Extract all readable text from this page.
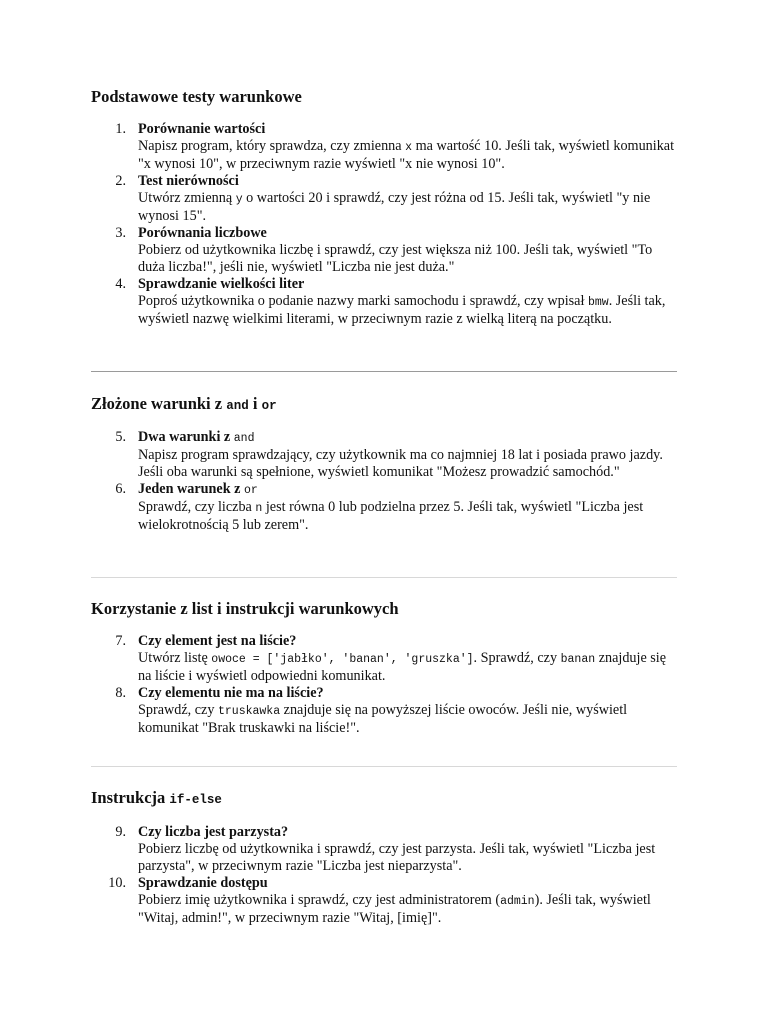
Podstawowe testy warunkowe
1. Porównanie wartości
Napisz program, który sprawdza, czy zmienna x ma wartość 10. Jeśli tak, wyświetl komunikat "x wynosi 10", w przeciwnym razie wyświetl "x nie wynosi 10".
2. Test nierówności
Utwórz zmienną y o wartości 20 i sprawdź, czy jest różna od 15. Jeśli tak, wyświetl "y nie wynosi 15".
3. Porównania liczbowe
Pobierz od użytkownika liczbę i sprawdź, czy jest większa niż 100. Jeśli tak, wyświetl "To duża liczba!", jeśli nie, wyświetl "Liczba nie jest duża."
4. Sprawdzanie wielkości liter
Poproś użytkownika o podanie nazwy marki samochodu i sprawdź, czy wpisał bmw. Jeśli tak, wyświetl nazwę wielkimi literami, w przeciwnym razie z wielką literą na początku.
Złożone warunki z and i or
5. Dwa warunki z and
Napisz program sprawdzający, czy użytkownik ma co najmniej 18 lat i posiada prawo jazdy. Jeśli oba warunki są spełnione, wyświetl komunikat "Możesz prowadzić samochód."
6. Jeden warunek z or
Sprawdź, czy liczba n jest równa 0 lub podzielna przez 5. Jeśli tak, wyświetl "Liczba jest wielokrotnością 5 lub zerem".
Korzystanie z list i instrukcji warunkowych
7. Czy element jest na liście?
Utwórz listę owoce = ['jabłko', 'banan', 'gruszka']. Sprawdź, czy banan znajduje się na liście i wyświetl odpowiedni komunikat.
8. Czy elementu nie ma na liście?
Sprawdź, czy truskawka znajduje się na powyższej liście owoców. Jeśli nie, wyświetl komunikat "Brak truskawki na liście!".
Instrukcja if-else
9. Czy liczba jest parzysta?
Pobierz liczbę od użytkownika i sprawdź, czy jest parzysta. Jeśli tak, wyświetl "Liczba jest parzysta", w przeciwnym razie "Liczba jest nieparzysta".
10. Sprawdzanie dostępu
Pobierz imię użytkownika i sprawdź, czy jest administratorem (admin). Jeśli tak, wyświetl "Witaj, admin!", w przeciwnym razie "Witaj, [imię]".
